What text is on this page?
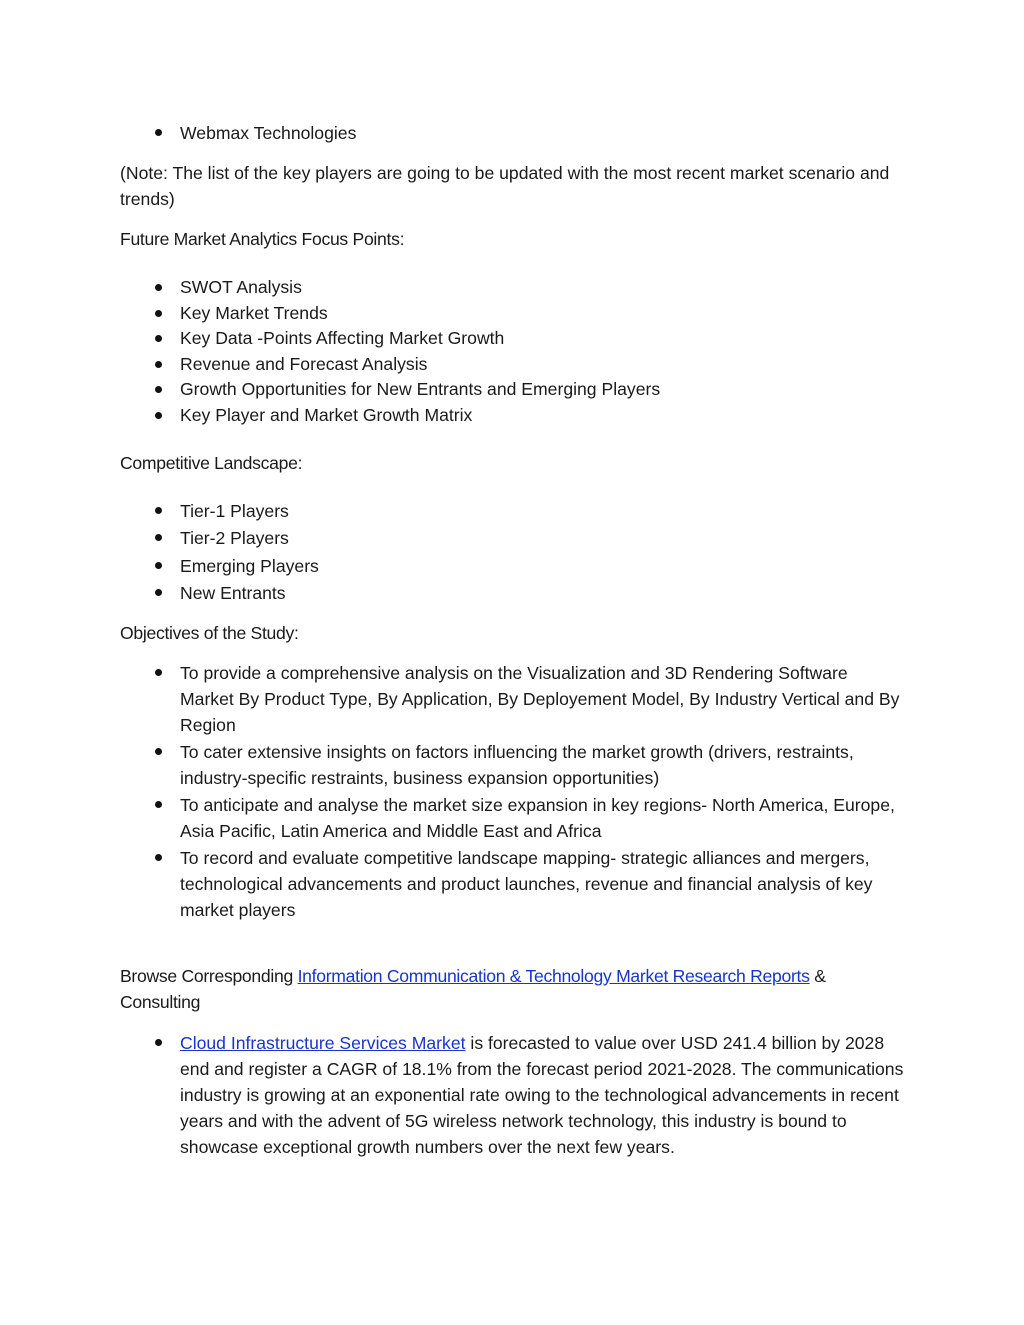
Webmax Technologies

(Note: The list of the key players are going to be updated with the most recent market scenario and trends)

Future Market Analytics Focus Points:

SWOT Analysis
Key Market Trends
Key Data -Points Affecting Market Growth
Revenue and Forecast Analysis
Growth Opportunities for New Entrants and Emerging Players
Key Player and Market Growth Matrix

Competitive Landscape:

Tier-1 Players
Tier-2 Players
Emerging Players
New Entrants

Objectives of the Study:

To provide a comprehensive analysis on the Visualization and 3D Rendering Software Market By Product Type, By Application, By Deployement Model, By Industry Vertical and By Region
To cater extensive insights on factors influencing the market growth (drivers, restraints, industry-specific restraints, business expansion opportunities)
To anticipate and analyse the market size expansion in key regions- North America, Europe, Asia Pacific, Latin America and Middle East and Africa
To record and evaluate competitive landscape mapping- strategic alliances and mergers, technological advancements and product launches, revenue and financial analysis of key market players

Browse Corresponding Information Communication & Technology Market Research Reports & Consulting

Cloud Infrastructure Services Market is forecasted to value over USD 241.4 billion by 2028 end and register a CAGR of 18.1% from the forecast period 2021-2028. The communications industry is growing at an exponential rate owing to the technological advancements in recent years and with the advent of 5G wireless network technology, this industry is bound to showcase exceptional growth numbers over the next few years.
